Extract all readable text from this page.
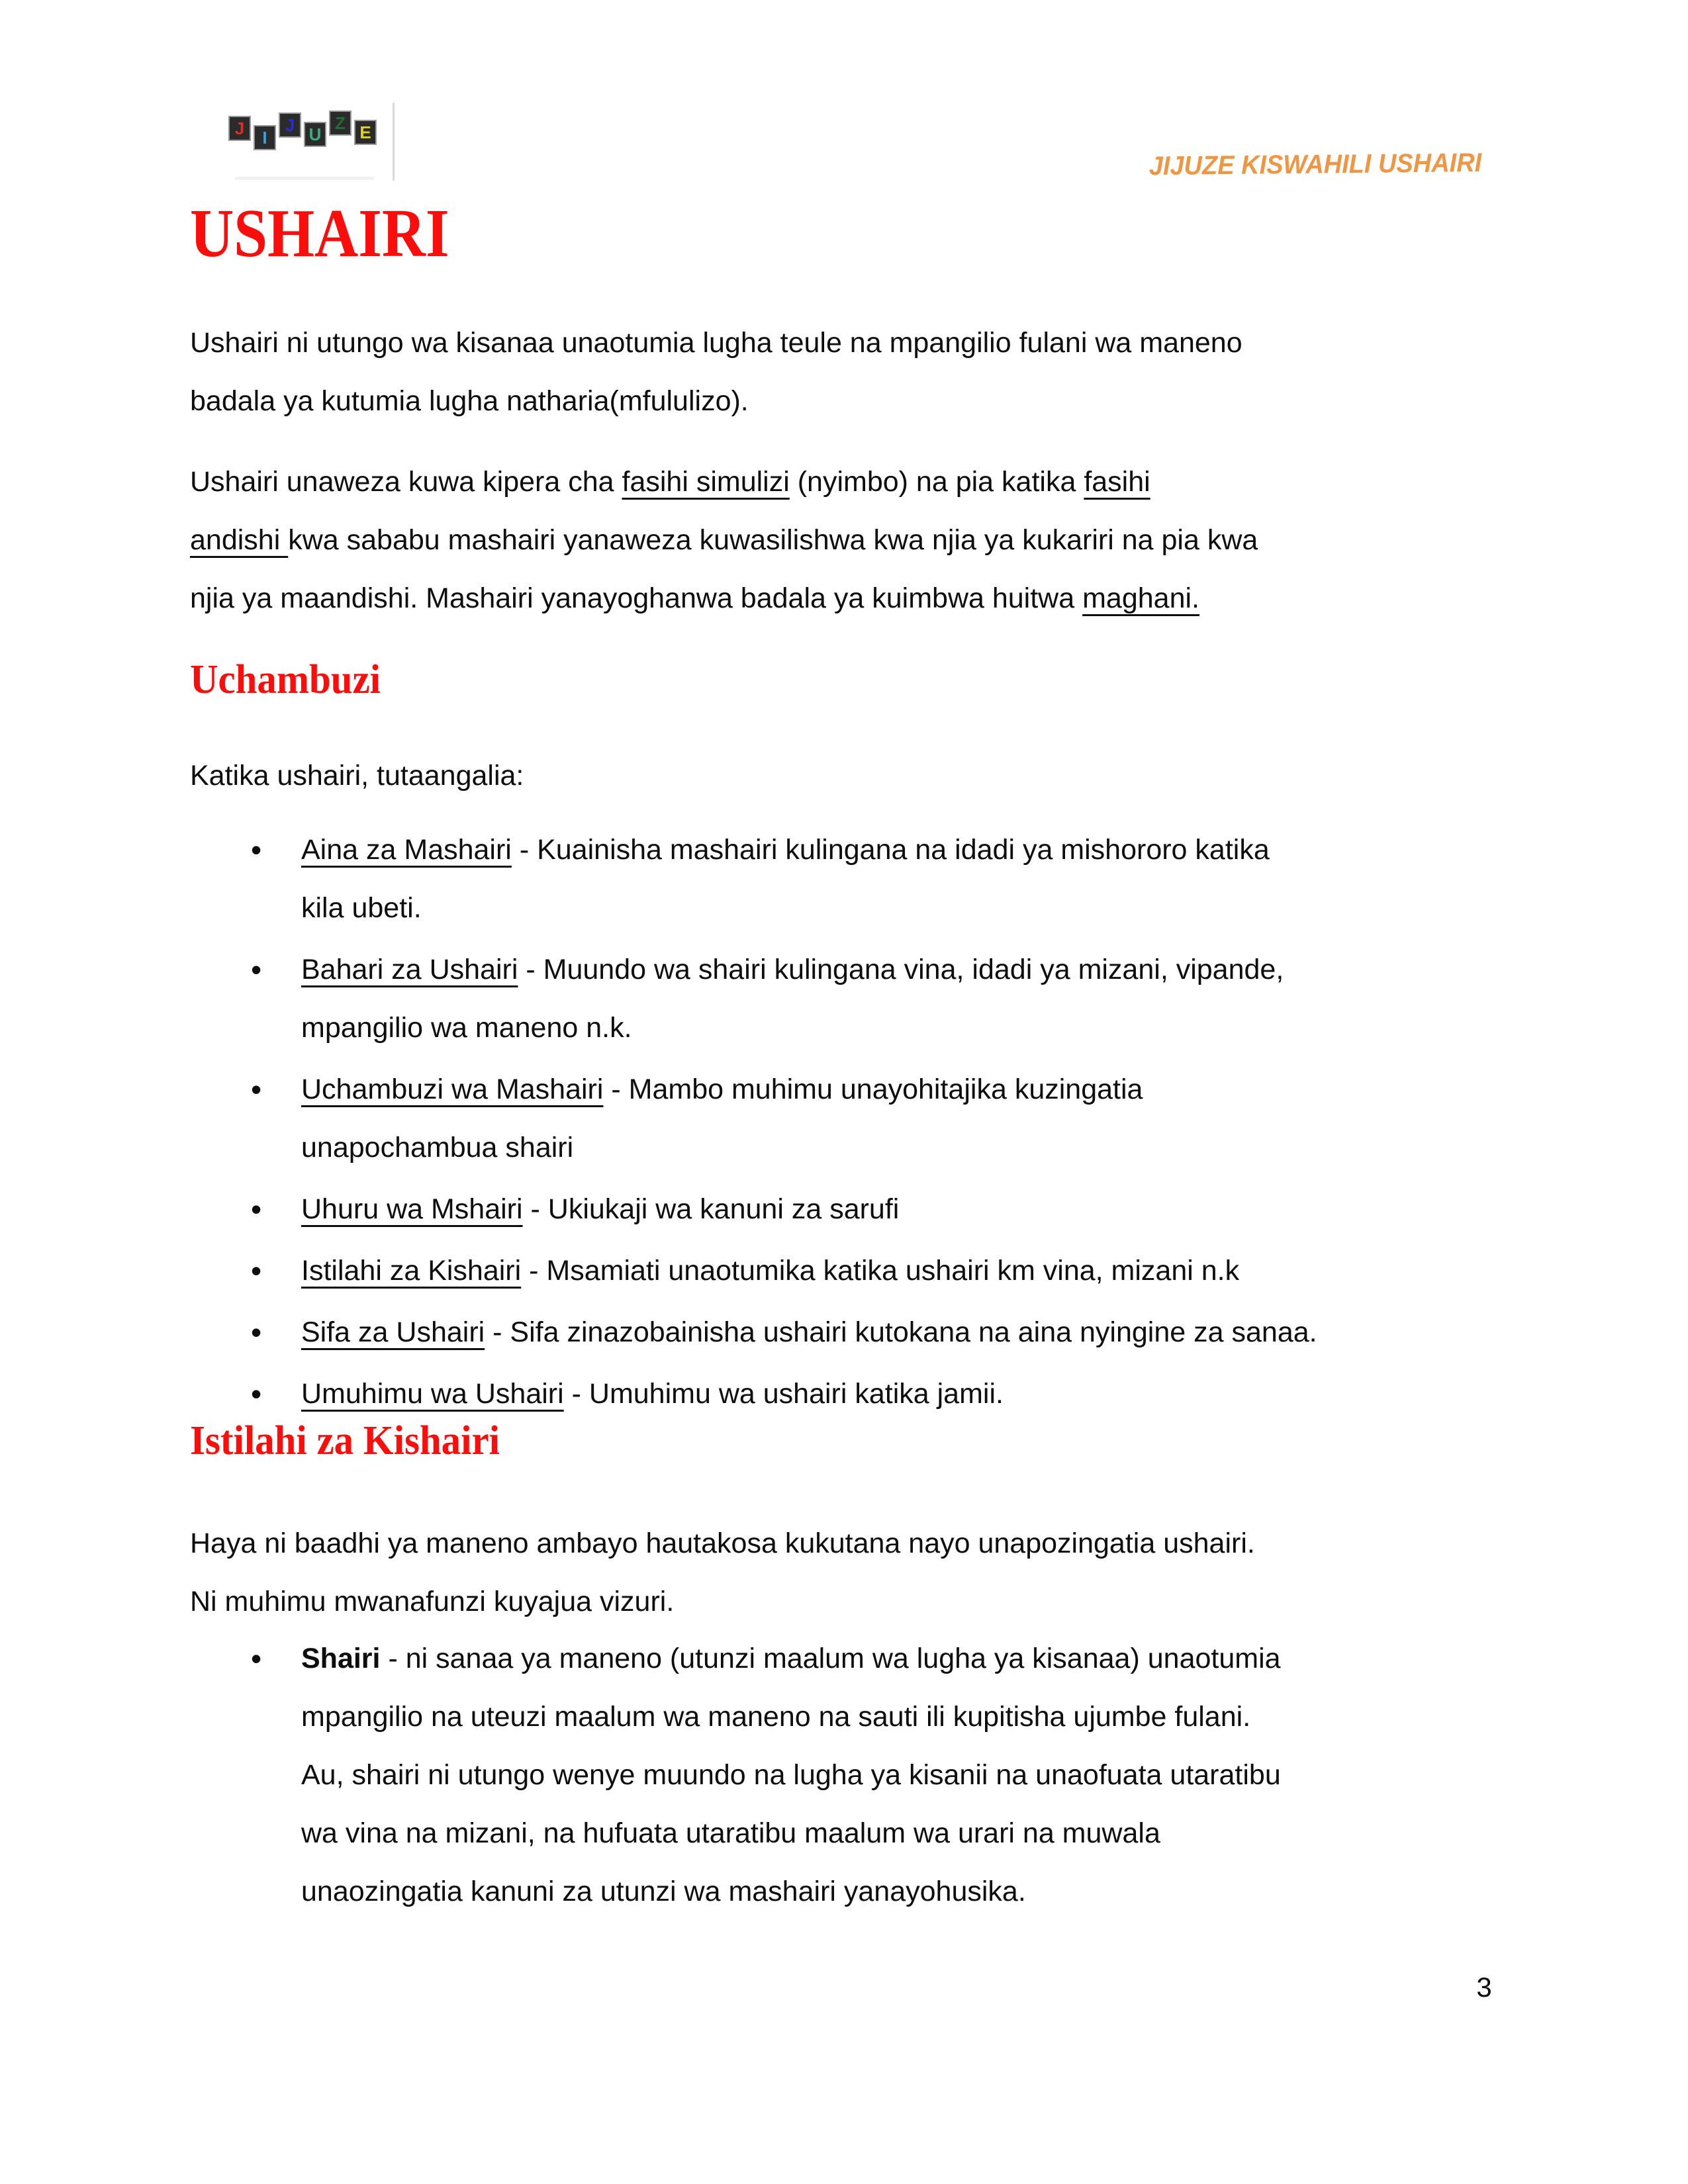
J I
J U
Z E
JIJUZE KISWAHILI USHAIRI
USHAIRI
Ushairi ni utungo wa kisanaa unaotumia lugha teule na mpangilio fulani wa maneno
badala ya kutumia lugha natharia(mfululizo).
Ushairi unaweza kuwa kipera cha fasihi simulizi (nyimbo) na pia katika fasihi
andishi kwa sababu mashairi yanaweza kuwasilishwa kwa njia ya kukariri na pia kwa
njia ya maandishi. Mashairi yanayoghanwa badala ya kuimbwa huitwa maghani.
Uchambuzi
Katika ushairi, tutaangalia:
• Aina za Mashairi - Kuainisha mashairi kulingana na idadi ya mishororo katika
kila ubeti.
• Bahari za Ushairi - Muundo wa shairi kulingana vina, idadi ya mizani, vipande,
mpangilio wa maneno n.k.
• Uchambuzi wa Mashairi - Mambo muhimu unayohitajika kuzingatia
unapochambua shairi
• Uhuru wa Mshairi - Ukiukaji wa kanuni za sarufi
• Istilahi za Kishairi - Msamiati unaotumika katika ushairi km vina, mizani n.k
• Sifa za Ushairi - Sifa zinazobainisha ushairi kutokana na aina nyingine za sanaa.
• Umuhimu wa Ushairi - Umuhimu wa ushairi katika jamii.
Istilahi za Kishairi
Haya ni baadhi ya maneno ambayo hautakosa kukutana nayo unapozingatia ushairi.
Ni muhimu mwanafunzi kuyajua vizuri.
• Shairi - ni sanaa ya maneno (utunzi maalum wa lugha ya kisanaa) unaotumia
mpangilio na uteuzi maalum wa maneno na sauti ili kupitisha ujumbe fulani.
Au, shairi ni utungo wenye muundo na lugha ya kisanii na unaofuata utaratibu
wa vina na mizani, na hufuata utaratibu maalum wa urari na muwala
unaozingatia kanuni za utunzi wa mashairi yanayohusika.
3
